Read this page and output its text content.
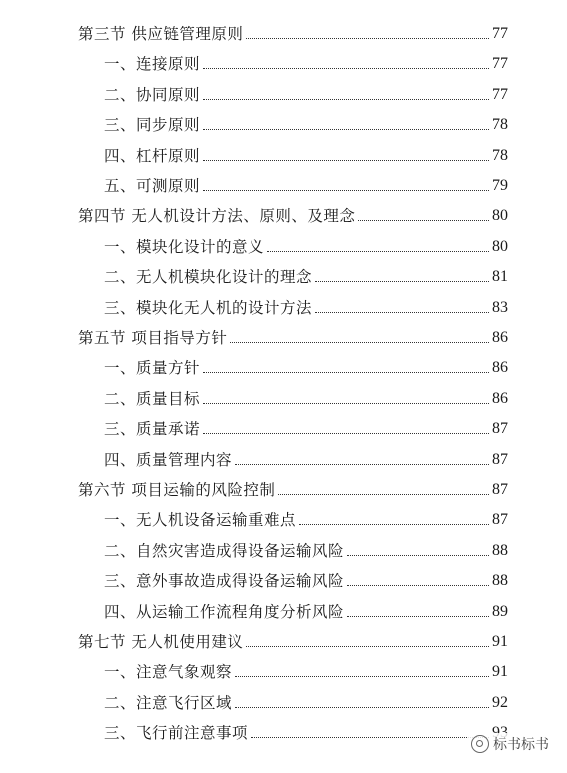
第三节 供应链管理原则	77
一、连接原则	77
二、协同原则	77
三、同步原则	78
四、杠杆原则	78
五、可测原则	79
第四节 无人机设计方法、原则、及理念	80
一、模块化设计的意义	80
二、无人机模块化设计的理念	81
三、模块化无人机的设计方法	83
第五节 项目指导方针	86
一、质量方针	86
二、质量目标	86
三、质量承诺	87
四、质量管理内容	87
第六节 项目运输的风险控制	87
一、无人机设备运输重难点	87
二、自然灾害造成得设备运输风险	88
三、意外事故造成得设备运输风险	88
四、从运输工作流程角度分析风险	89
第七节 无人机使用建议	91
一、注意气象观察	91
二、注意飞行区域	92
三、飞行前注意事项
标书标书
